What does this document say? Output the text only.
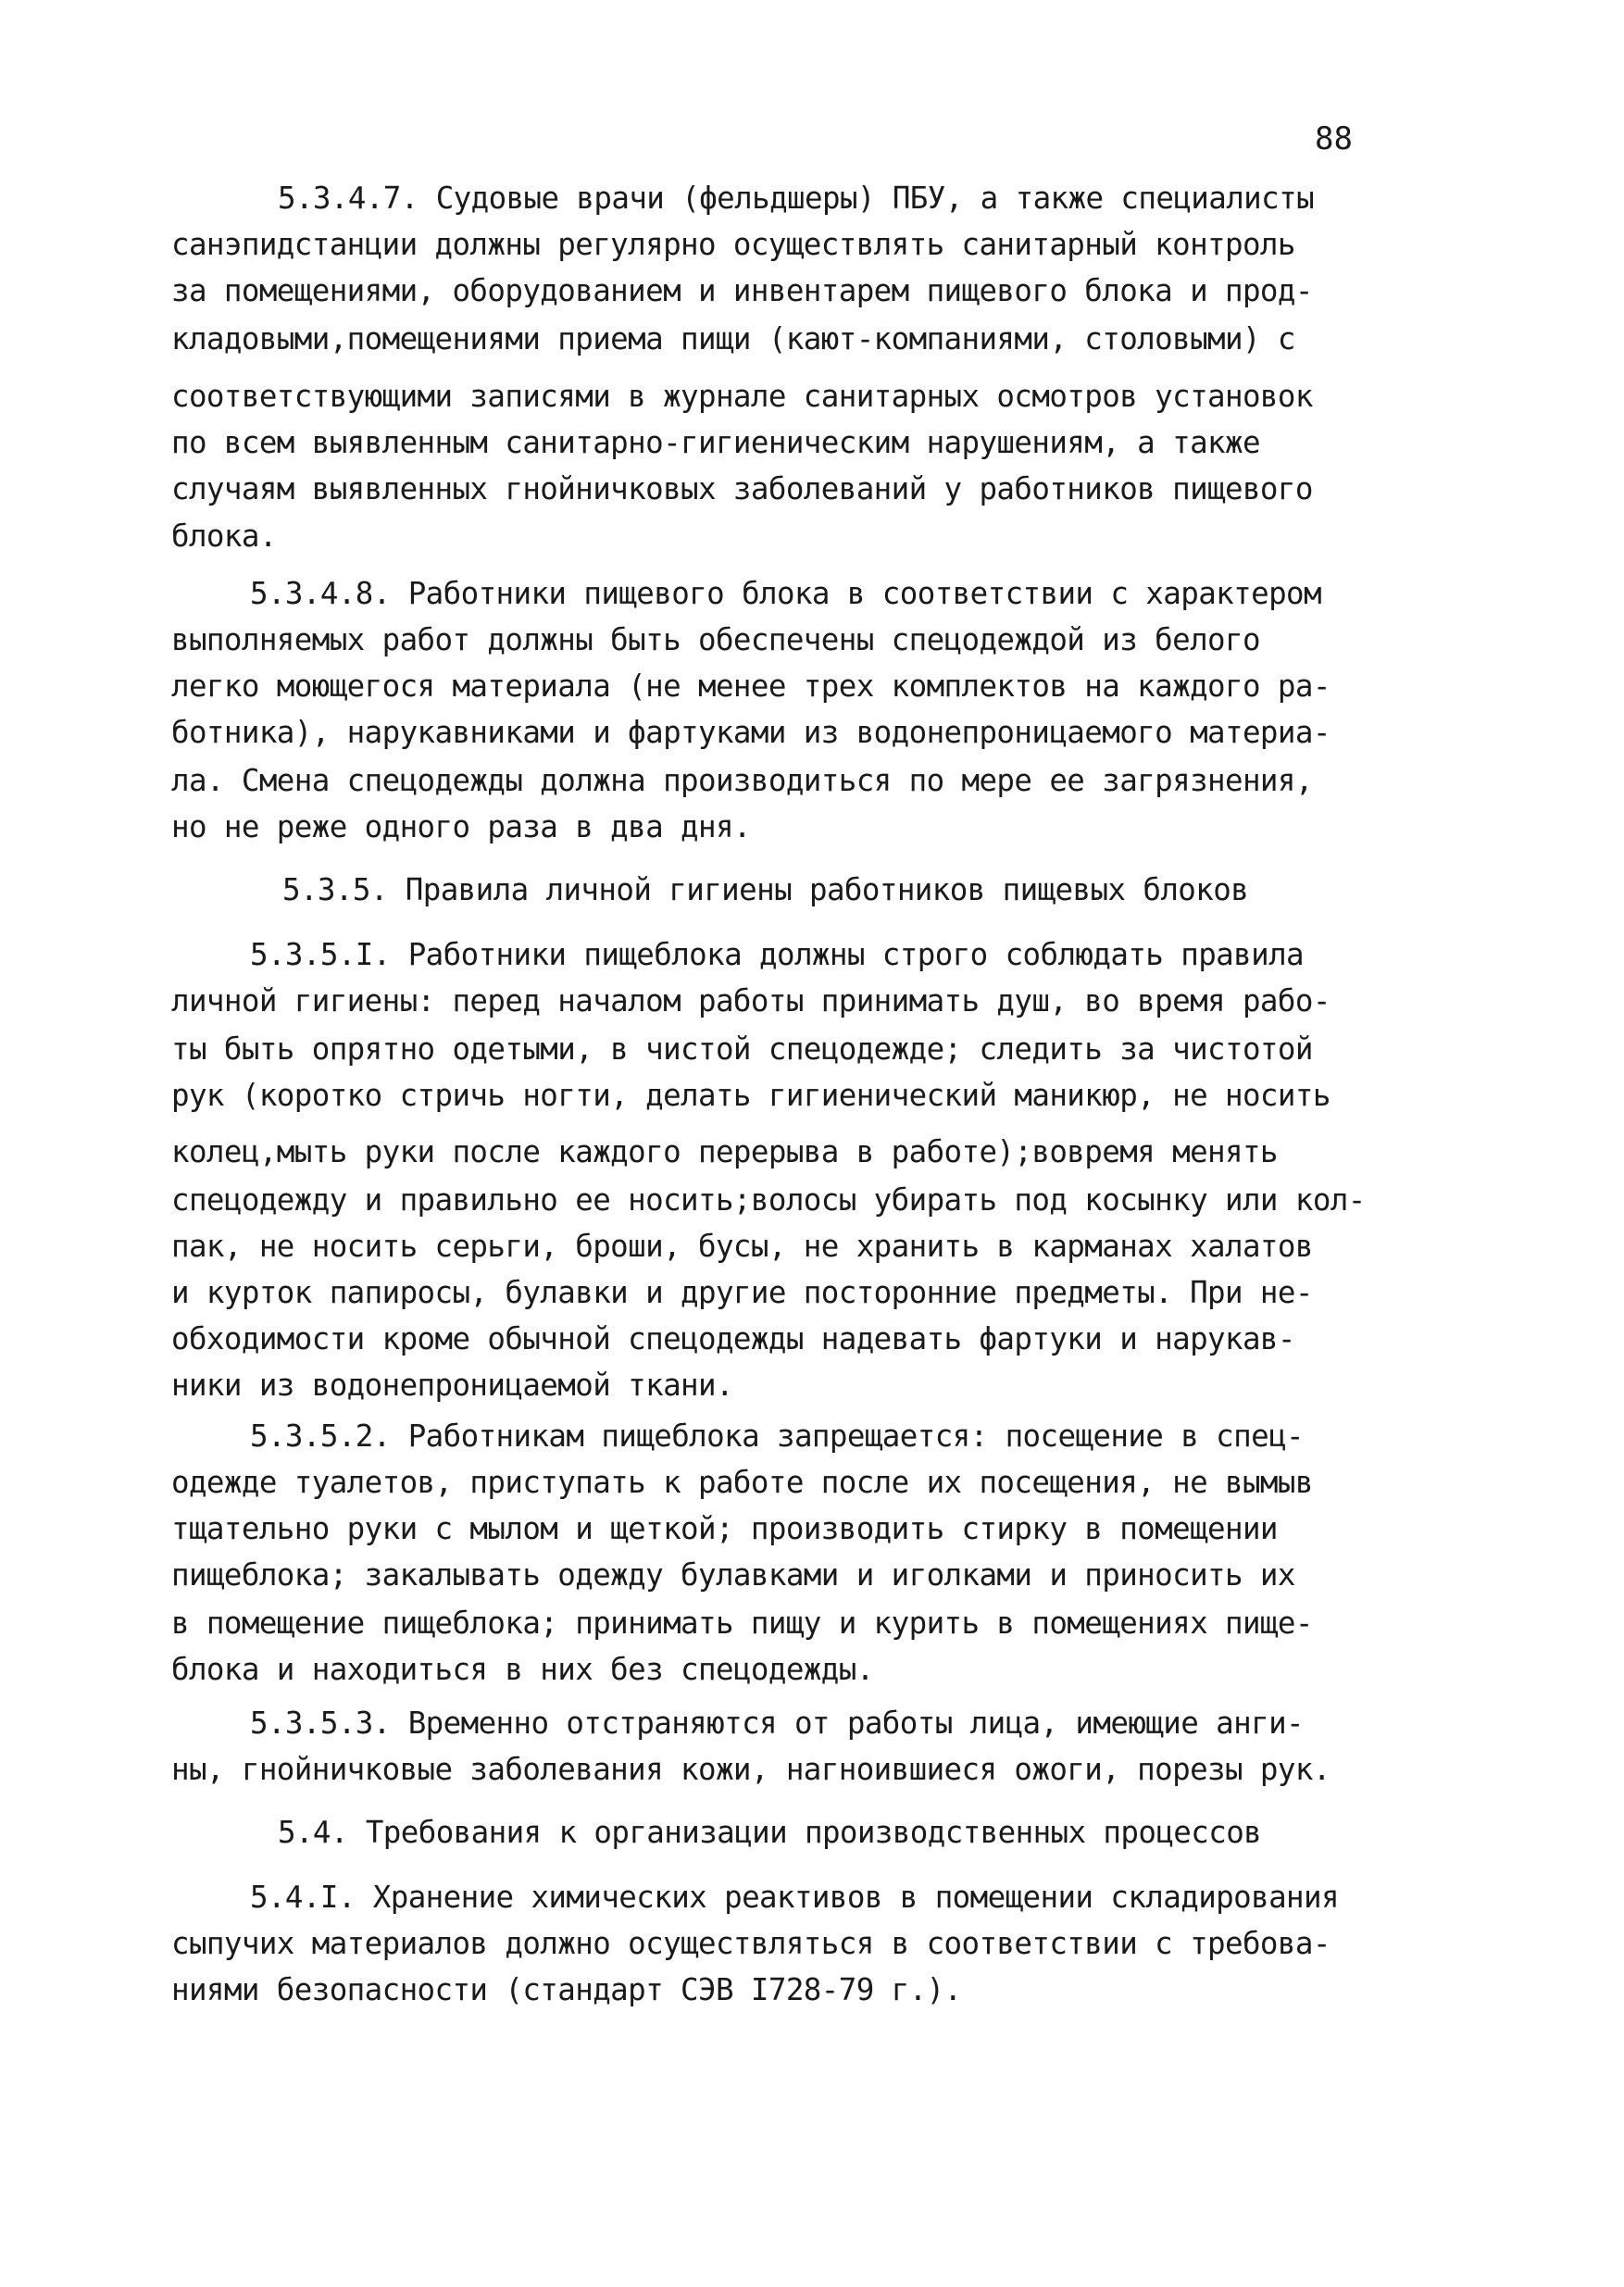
88
5.3.4.7. Судовые врачи (фельдшеры) ПБУ, а также специалисты
санэпидстанции должны регулярно осуществлять санитарный контроль
за помещениями, оборудованием и инвентарем пищевого блока и прод-
кладовыми,помещениями приема пищи (кают-компаниями, столовыми) с
соответствующими записями в журнале санитарных осмотров установок
по всем выявленным санитарно-гигиеническим нарушениям, а также
случаям выявленных гнойничковых заболеваний у работников пищевого
блока.
5.3.4.8. Работники пищевого блока в соответствии с характером
выполняемых работ должны быть обеспечены спецодеждой из белого
легко моющегося материала (не менее трех комплектов на каждого ра-
ботника), нарукавниками и фартуками из водонепроницаемого материа-
ла. Смена спецодежды должна производиться по мере ее загрязнения,
но не реже одного раза в два дня.
5.3.5. Правила личной гигиены работников пищевых блоков
5.3.5.I. Работники пищеблока должны строго соблюдать правила
личной гигиены: перед началом работы принимать душ, во время рабо-
ты быть опрятно одетыми, в чистой спецодежде; следить за чистотой
рук (коротко стричь ногти, делать гигиенический маникюр, не носить
колец,мыть руки после каждого перерыва в работе);вовремя менять
спецодежду и правильно ее носить;волосы убирать под косынку или кол-
пак, не носить серьги, броши, бусы, не хранить в карманах халатов
и курток папиросы, булавки и другие посторонние предметы. При не-
обходимости кроме обычной спецодежды надевать фартуки и нарукав-
ники из водонепроницаемой ткани.
5.3.5.2. Работникам пищеблока запрещается: посещение в спец-
одежде туалетов, приступать к работе после их посещения, не вымыв
тщательно руки с мылом и щеткой; производить стирку в помещении
пищеблока; закалывать одежду булавками и иголками и приносить их
в помещение пищеблока; принимать пищу и курить в помещениях пище-
блока и находиться в них без спецодежды.
5.3.5.3. Временно отстраняются от работы лица, имеющие анги-
ны, гнойничковые заболевания кожи, нагноившиеся ожоги, порезы рук.
5.4. Требования к организации производственных процессов
5.4.I. Хранение химических реактивов в помещении складирования
сыпучих материалов должно осуществляться в соответствии с требова-
ниями безопасности (стандарт СЭВ I728-79 г.).
